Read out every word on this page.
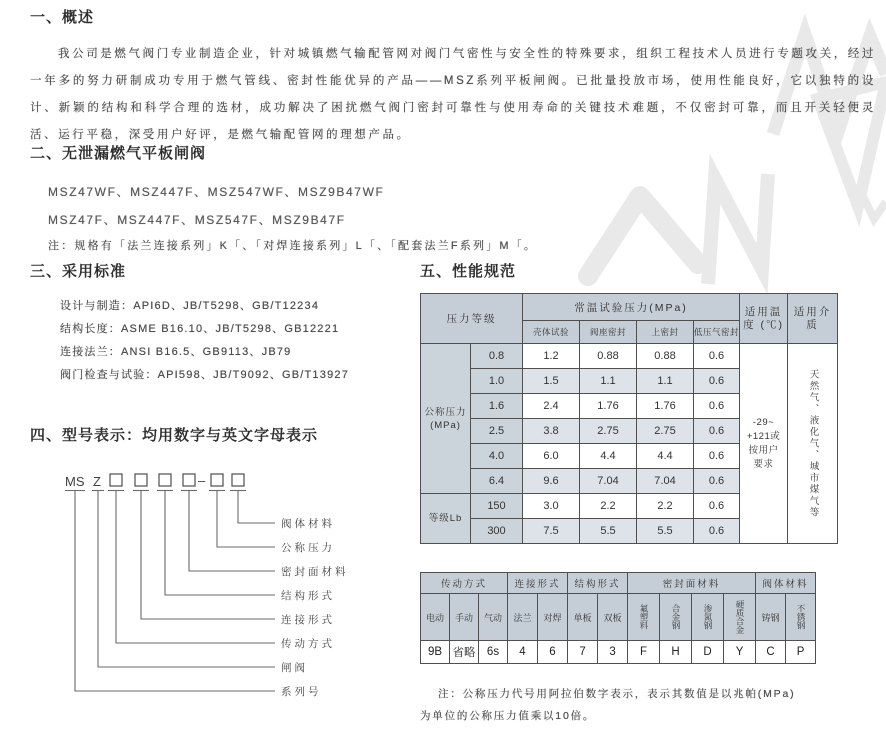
一、概述

我公司是燃气阀门专业制造企业，针对城镇燃气输配管网对阀门气密性与安全性的特殊要求，组织工程技术人员进行专题攻关，经过一年多的努力研制成功专用于燃气管线、密封性能优异的产品——MSZ系列平板闸阀。已批量投放市场，使用性能良好，它以独特的设计、新颖的结构和科学合理的选材，成功解决了困扰燃气阀门密封可靠性与使用寿命的关键技术难题，不仅密封可靠，而且开关轻便灵活、运行平稳，深受用户好评，是燃气输配管网的理想产品。

二、无泄漏燃气平板闸阀
MSZ47WF、MSZ447F、MSZ547WF、MSZ9B47WF
MSZ47F、MSZ447F、MSZ547F、MSZ9B47F
注：规格有「法兰连接系列」K「、「对焊连接系列」L「、「配套法兰F系列」M「。
三、采用标准
设计与制造：API6D、JB/T5298、GB/T12234
结构长度：ASME B16.10、JB/T5298、GB12221
连接法兰：ANSI B16.5、GB9113、JB79
阀门检查与试验：API598、JB/T9092、GB/T13927
四、型号表示：均用数字与英文字母表示
MS Z	–
阀体材料
公称压力
密封面材料
结构形式
连接形式
传动方式
闸阀
系列号
五、性能规范
压力等级		常温试验压力(MPa)				适用温度 (℃)	适用介质
		壳体试验	阀座密封	上密封	低压气密封		
公称压力 (MPa)	0.8	1.2	0.88	0.88	0.6	-29~
+121或
按用户
要求	天然气、液化气、城市煤气等

	1.0	1.5	1.1	1.1	0.6		
	1.6	2.4	1.76	1.76	0.6		
	2.5	3.8	2.75	2.75	0.6		
	4.0	6.0	4.4	4.4	0.6		
	6.4	9.6	7.04	7.04	0.6		
等级Lb	150	3.0	2.2	2.2	0.6		
	300	7.5	5.5	5.5	0.6		
传动方式			连接形式		结构形式		密封面材料				阀体材料	
电动	手动	气动	法兰	对焊	单板	双板	氟塑料	合金钢	渗氮钢	硬质合金	铸钢	不锈钢

9B	省略	6s	4	6	7	3	F	H	D	Y	C	P
注：公称压力代号用阿拉伯数字表示，表示其数值是以兆帕(MPa)
为单位的公称压力值乘以10倍。
